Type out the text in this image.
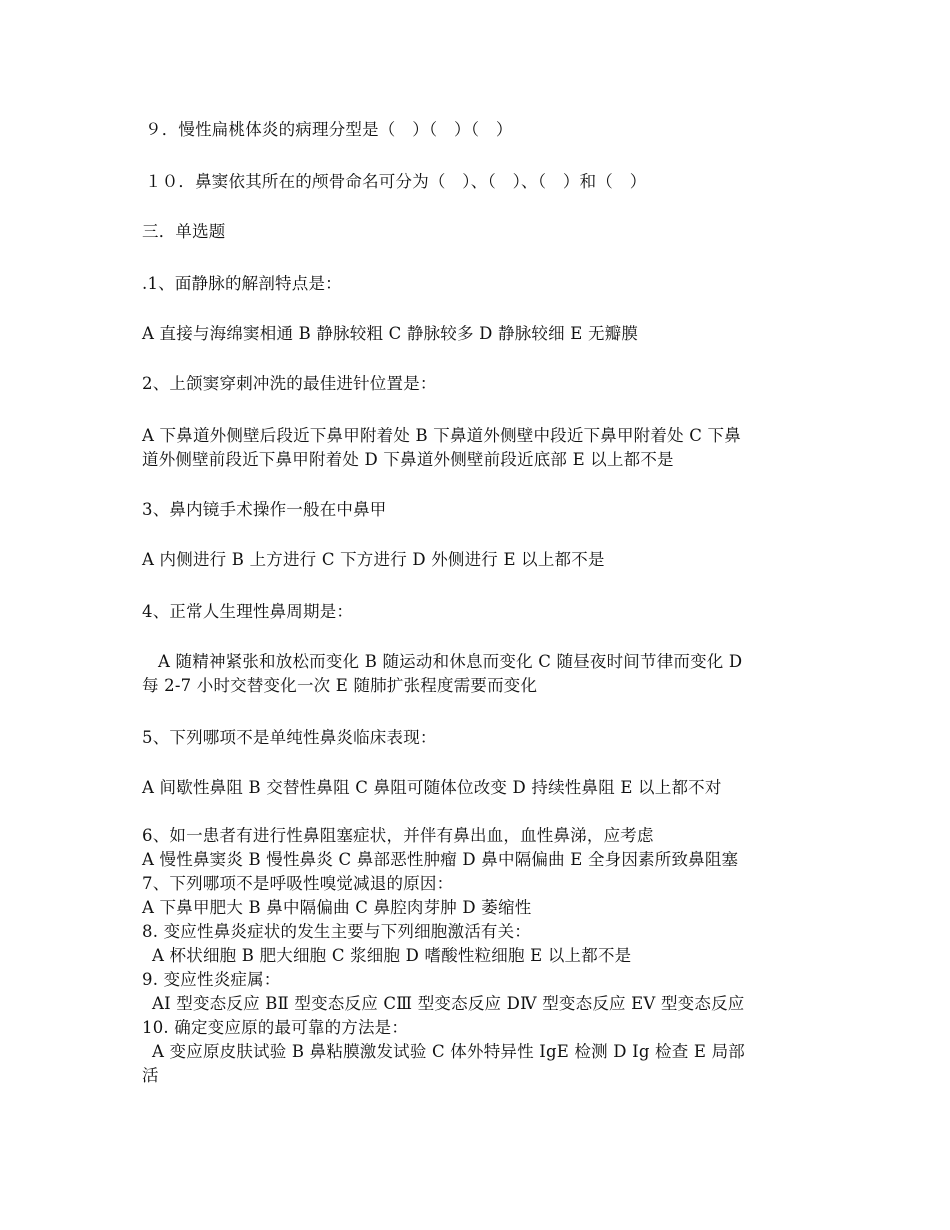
９．慢性扁桃体炎的病理分型是（　）（　）（　）
１０．鼻窦依其所在的颅骨命名可分为（　）、（　）、（　）和（　）
三．单选题
.1、面静脉的解剖特点是：
A 直接与海绵窦相通 B 静脉较粗 C 静脉较多 D 静脉较细 E 无瓣膜
2、上颌窦穿刺冲洗的最佳进针位置是：
A 下鼻道外侧壁后段近下鼻甲附着处 B 下鼻道外侧壁中段近下鼻甲附着处 C 下鼻
道外侧壁前段近下鼻甲附着处 D 下鼻道外侧壁前段近底部 E 以上都不是
3、鼻内镜手术操作一般在中鼻甲
A 内侧进行 B 上方进行 C 下方进行 D 外侧进行 E 以上都不是
4、正常人生理性鼻周期是：
A 随精神紧张和放松而变化 B 随运动和休息而变化 C 随昼夜时间节律而变化 D
每 2-7 小时交替变化一次 E 随肺扩张程度需要而变化
5、下列哪项不是单纯性鼻炎临床表现：
A 间歇性鼻阻 B 交替性鼻阻 C 鼻阻可随体位改变 D 持续性鼻阻 E 以上都不对
6、如一患者有进行性鼻阻塞症状，并伴有鼻出血，血性鼻涕，应考虑
A 慢性鼻窦炎 B 慢性鼻炎 C 鼻部恶性肿瘤 D 鼻中隔偏曲 E 全身因素所致鼻阻塞
7、下列哪项不是呼吸性嗅觉减退的原因：
A 下鼻甲肥大 B 鼻中隔偏曲 C 鼻腔肉芽肿 D 萎缩性
8. 变应性鼻炎症状的发生主要与下列细胞激活有关：
A 杯状细胞 B 肥大细胞 C 浆细胞 D 嗜酸性粒细胞 E 以上都不是
9. 变应性炎症属：
AⅠ 型变态反应 BⅡ 型变态反应 CⅢ 型变态反应 DⅣ 型变态反应 EⅤ 型变态反应
10. 确定变应原的最可靠的方法是：
A 变应原皮肤试验 B 鼻粘膜激发试验 C 体外特异性 IgE 检测 D Ig 检查 E 局部
活
